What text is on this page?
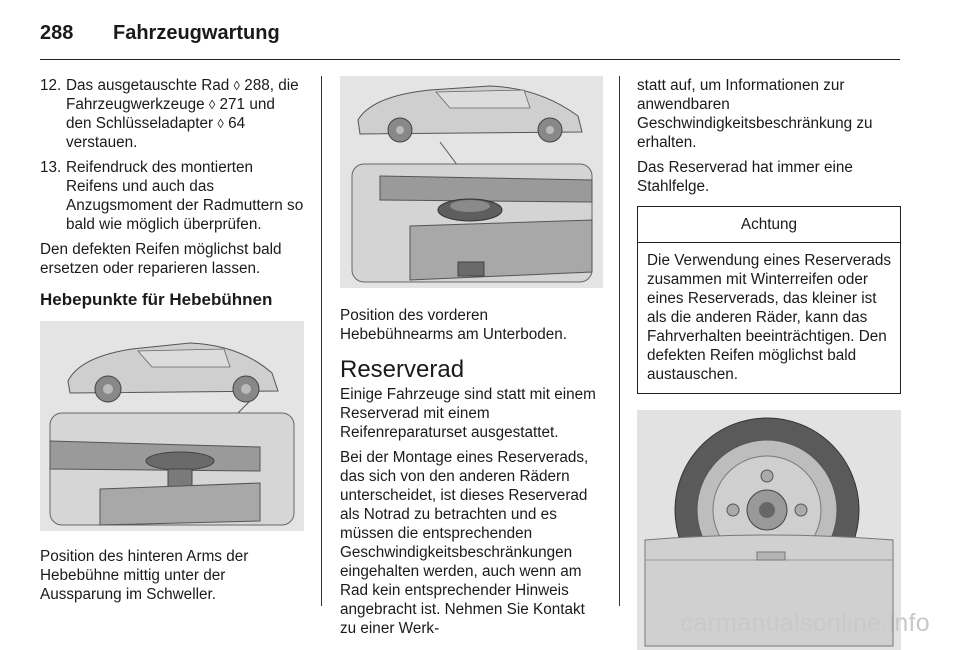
288 Fahrzeugwartung
12. Das ausgetauschte Rad ◊ 288, die Fahrzeugwerkzeuge ◊ 271 und den Schlüsseladapter ◊ 64 verstauen.
13. Reifendruck des montierten Reifens und auch das Anzugsmoment der Radmuttern so bald wie möglich überprüfen.

Den defekten Reifen möglichst bald ersetzen oder reparieren lassen.

Hebepunkte für Hebebühnen

Position des hinteren Arms der Hebebühne mittig unter der Aussparung im Schweller.

Position des vorderen Hebebühnearms am Unterboden.

Reserverad

Einige Fahrzeuge sind statt mit einem Reserverad mit einem Reifenreparaturset ausgestattet.

Bei der Montage eines Reserverads, das sich von den anderen Rädern unterscheidet, ist dieses Reserverad als Notrad zu betrachten und es müssen die entsprechenden Geschwindigkeitsbeschränkungen eingehalten werden, auch wenn am Rad kein entsprechender Hinweis angebracht ist. Nehmen Sie Kontakt zu einer Werk-

statt auf, um Informationen zur anwendbaren Geschwindigkeitsbeschränkung zu erhalten.

Das Reserverad hat immer eine Stahlfelge.

Achtung
Die Verwendung eines Reserverads zusammen mit Winterreifen oder eines Reserverads, das kleiner ist als die anderen Räder, kann das Fahrverhalten beeinträchtigen. Den defekten Reifen möglichst bald austauschen.
carmanualsonline.info
